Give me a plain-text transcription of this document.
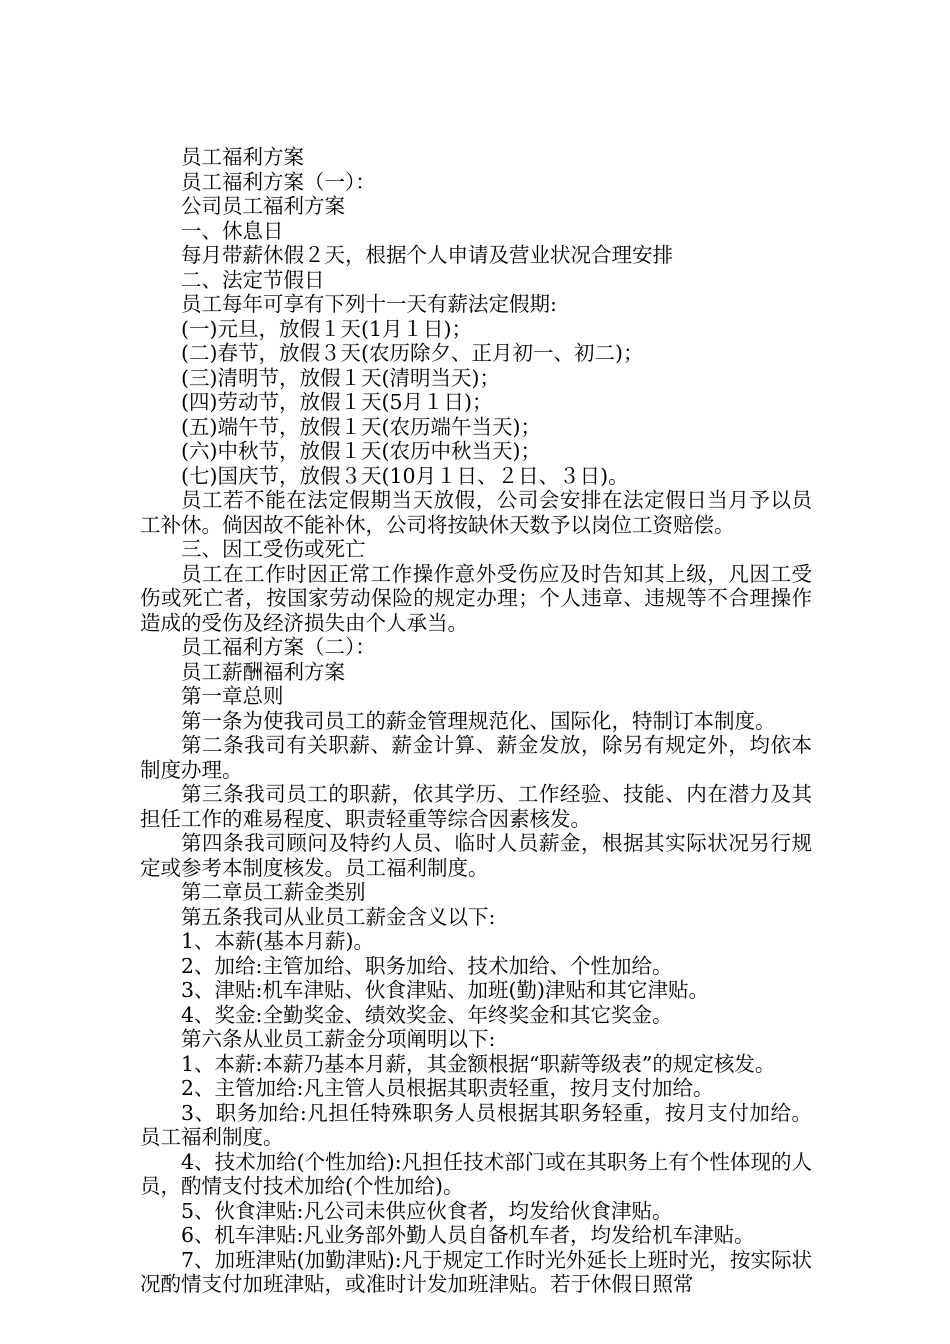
员工福利方案

员工福利方案（一）：

公司员工福利方案

一、休息日

每月带薪休假２天，根据个人申请及营业状况合理安排

二、法定节假日

员工每年可享有下列十一天有薪法定假期:

(一)元旦，放假１天(1月１日)；

(二)春节，放假３天(农历除夕、正月初一、初二)；

(三)清明节，放假１天(清明当天)；

(四)劳动节，放假１天(5月１日)；

(五)端午节，放假１天(农历端午当天)；

(六)中秋节，放假１天(农历中秋当天)；

(七)国庆节，放假３天(10月１日、２日、３日)。

员工若不能在法定假期当天放假，公司会安排在法定假日当月予以员工补休。倘因故不能补休，公司将按缺休天数予以岗位工资赔偿。

三、因工受伤或死亡

员工在工作时因正常工作操作意外受伤应及时告知其上级，凡因工受伤或死亡者，按国家劳动保险的规定办理；个人违章、违规等不合理操作造成的受伤及经济损失由个人承当。

员工福利方案（二）：

员工薪酬福利方案

第一章总则

第一条为使我司员工的薪金管理规范化、国际化，特制订本制度。

第二条我司有关职薪、薪金计算、薪金发放，除另有规定外，均依本制度办理。

第三条我司员工的职薪，依其学历、工作经验、技能、内在潜力及其担任工作的难易程度、职责轻重等综合因素核发。

第四条我司顾问及特约人员、临时人员薪金，根据其实际状况另行规定或参考本制度核发。员工福利制度。

第二章员工薪金类别

第五条我司从业员工薪金含义以下:

1、本薪(基本月薪)。

2、加给:主管加给、职务加给、技术加给、个性加给。

3、津贴:机车津贴、伙食津贴、加班(勤)津贴和其它津贴。

4、奖金:全勤奖金、绩效奖金、年终奖金和其它奖金。

第六条从业员工薪金分项阐明以下:

1、本薪:本薪乃基本月薪，其金额根据“职薪等级表”的规定核发。

2、主管加给:凡主管人员根据其职责轻重，按月支付加给。

3、职务加给:凡担任特殊职务人员根据其职务轻重，按月支付加给。员工福利制度。

4、技术加给(个性加给):凡担任技术部门或在其职务上有个性体现的人员，酌情支付技术加给(个性加给)。

5、伙食津贴:凡公司未供应伙食者，均发给伙食津贴。

6、机车津贴:凡业务部外勤人员自备机车者，均发给机车津贴。

7、加班津贴(加勤津贴):凡于规定工作时光外延长上班时光，按实际状况酌情支付加班津贴，或准时计发加班津贴。若于休假日照常
